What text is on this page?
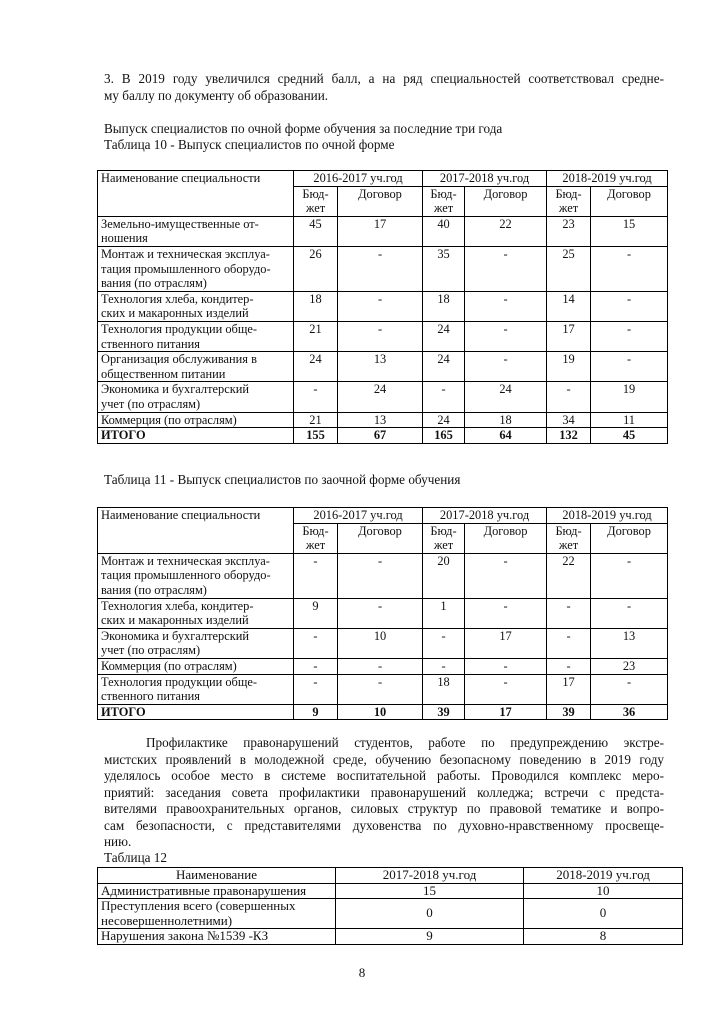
3. В 2019 году увеличился средний балл, а на ряд специальностей соответствовал средне-
му баллу по документу об образовании.
Выпуск специалистов по очной форме обучения за последние три года
Таблица 10 - Выпуск специалистов по очной форме
Наименование специальности	2016-2017 уч.год		2017-2018 уч.год		2018-2019 уч.год	
	Бюд-
жет	Договор	Бюд-
жет	Договор	Бюд-
жет	Договор
Земельно-имущественные от-
ношения	45	17	40	22	23	15
Монтаж и техническая эксплуа-
тация промышленного оборудо-
вания (по отраслям)	26	-	35	-	25	-
Технология хлеба, кондитер-
ских и макаронных изделий	18	-	18	-	14	-
Технология продукции обще-
ственного питания	21	-	24	-	17	-
Организация обслуживания в
общественном питании	24	13	24	-	19	-
Экономика и бухгалтерский
учет (по отраслям)	-	24	-	24	-	19
Коммерция (по отраслям)	21	13	24	18	34	11
ИТОГО	155	67	165	64	132	45
Таблица 11 - Выпуск специалистов по заочной форме обучения
Наименование специальности	2016-2017 уч.год		2017-2018 уч.год		2018-2019 уч.год	
	Бюд-
жет	Договор	Бюд-
жет	Договор	Бюд-
жет	Договор
Монтаж и техническая эксплуа-
тация промышленного оборудо-
вания (по отраслям)	-	-	20	-	22	-
Технология хлеба, кондитер-
ских и макаронных изделий	9	-	1	-	-	-
Экономика и бухгалтерский
учет (по отраслям)	-	10	-	17	-	13
Коммерция (по отраслям)	-	-	-	-	-	23
Технология продукции обще-
ственного питания	-	-	18	-	17	-
ИТОГО	9	10	39	17	39	36
Профилактике правонарушений студентов, работе по предупреждению экстре-
мистских проявлений в молодежной среде, обучению безопасному поведению в 2019 году
уделялось особое место в системе воспитательной работы. Проводился комплекс меро-
приятий: заседания совета профилактики правонарушений колледжа; встречи с предста-
вителями правоохранительных органов, силовых структур по правовой тематике и вопро-
сам безопасности, с представителями духовенства по духовно-нравственному просвеще-
нию.
Таблица 12
Наименование	2017-2018 уч.год	2018-2019 уч.год
Административные правонарушения	15	10
Преступления всего (совершенных
несовершеннолетними)	0	0
Нарушения закона №1539 -КЗ	9	8
8
